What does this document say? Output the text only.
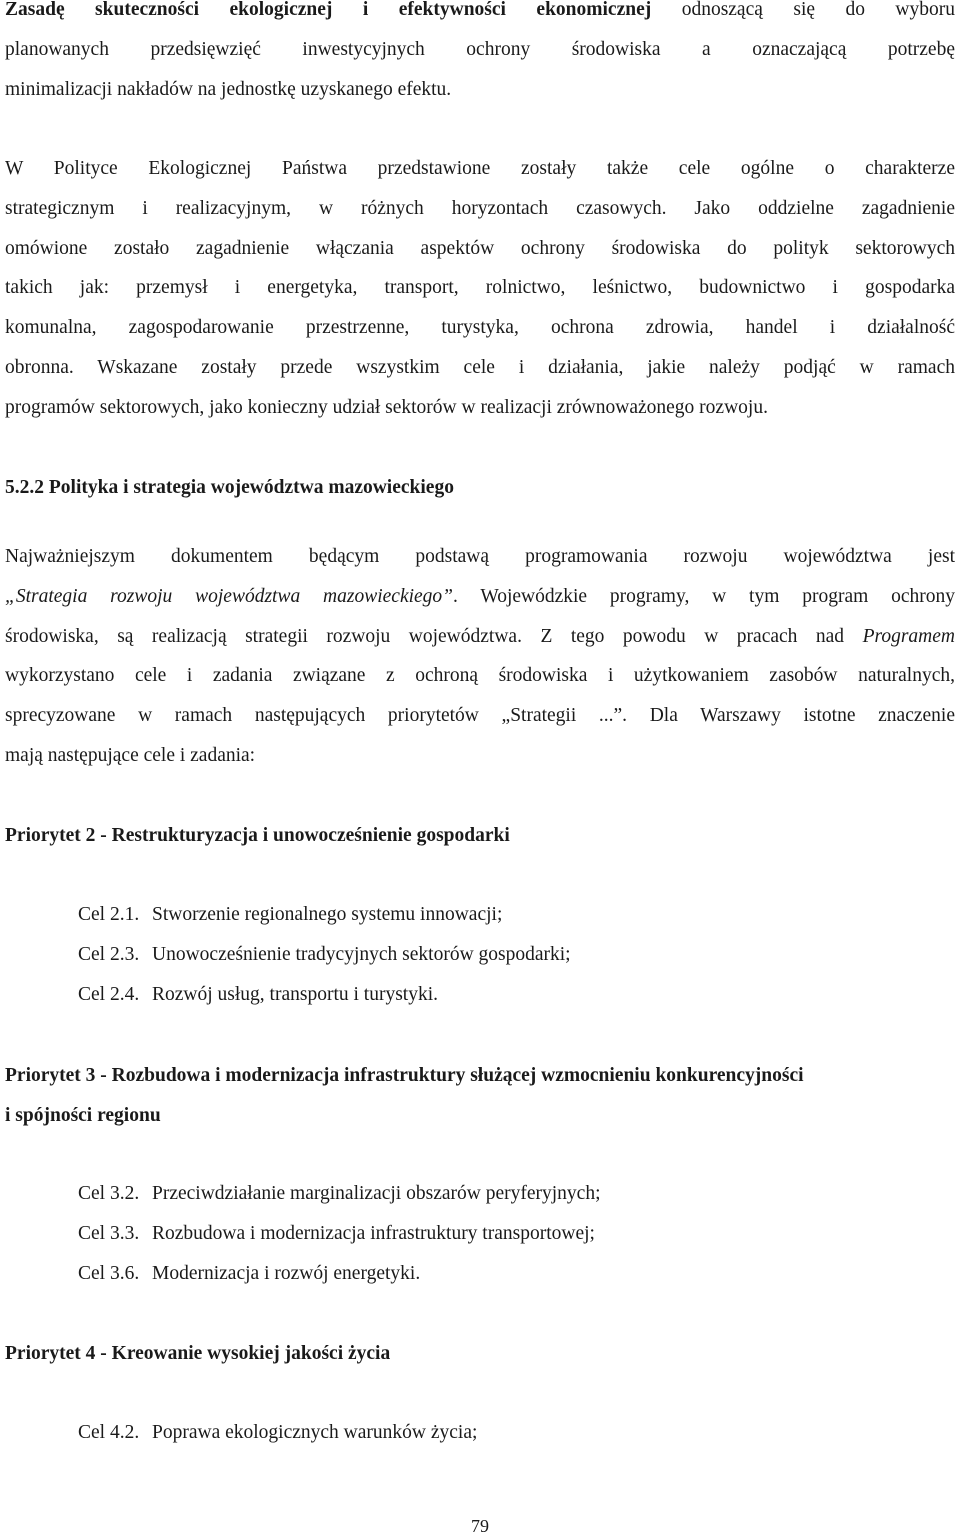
Zasadę skuteczności ekologicznej i efektywności ekonomicznej odnoszącą się do wyboru
planowanych przedsięwzięć inwestycyjnych ochrony środowiska a oznaczającą potrzebę
minimalizacji nakładów na jednostkę uzyskanego efektu.
W Polityce Ekologicznej Państwa przedstawione zostały także cele ogólne o charakterze
strategicznym i realizacyjnym, w różnych horyzontach czasowych. Jako oddzielne zagadnienie
omówione zostało zagadnienie włączania aspektów ochrony środowiska do polityk sektorowych
takich jak: przemysł i energetyka, transport, rolnictwo, leśnictwo, budownictwo i gospodarka
komunalna, zagospodarowanie przestrzenne, turystyka, ochrona zdrowia, handel i działalność
obronna. Wskazane zostały przede wszystkim cele i działania, jakie należy podjąć w ramach
programów sektorowych, jako konieczny udział sektorów w realizacji zrównoważonego rozwoju.
5.2.2 Polityka i strategia województwa mazowieckiego
Najważniejszym dokumentem będącym podstawą programowania rozwoju województwa jest
„Strategia rozwoju województwa mazowieckiego”. Wojewódzkie programy, w tym program ochrony
środowiska, są realizacją strategii rozwoju województwa. Z tego powodu w pracach nad Programem
wykorzystano cele i zadania związane z ochroną środowiska i użytkowaniem zasobów naturalnych,
sprecyzowane w ramach następujących priorytetów „Strategii ...”. Dla Warszawy istotne znaczenie
mają następujące cele i zadania:
Priorytet 2 - Restrukturyzacja i unowocześnienie gospodarki
Cel 2.1. Stworzenie regionalnego systemu innowacji;
Cel 2.3. Unowocześnienie tradycyjnych sektorów gospodarki;
Cel 2.4. Rozwój usług, transportu i turystyki.
Priorytet 3 - Rozbudowa i modernizacja infrastruktury służącej wzmocnieniu konkurencyjności
i spójności regionu
Cel 3.2. Przeciwdziałanie marginalizacji obszarów peryferyjnych;
Cel 3.3. Rozbudowa i modernizacja infrastruktury transportowej;
Cel 3.6. Modernizacja i rozwój energetyki.
Priorytet 4 - Kreowanie wysokiej jakości życia
Cel 4.2. Poprawa ekologicznych warunków życia;
79
